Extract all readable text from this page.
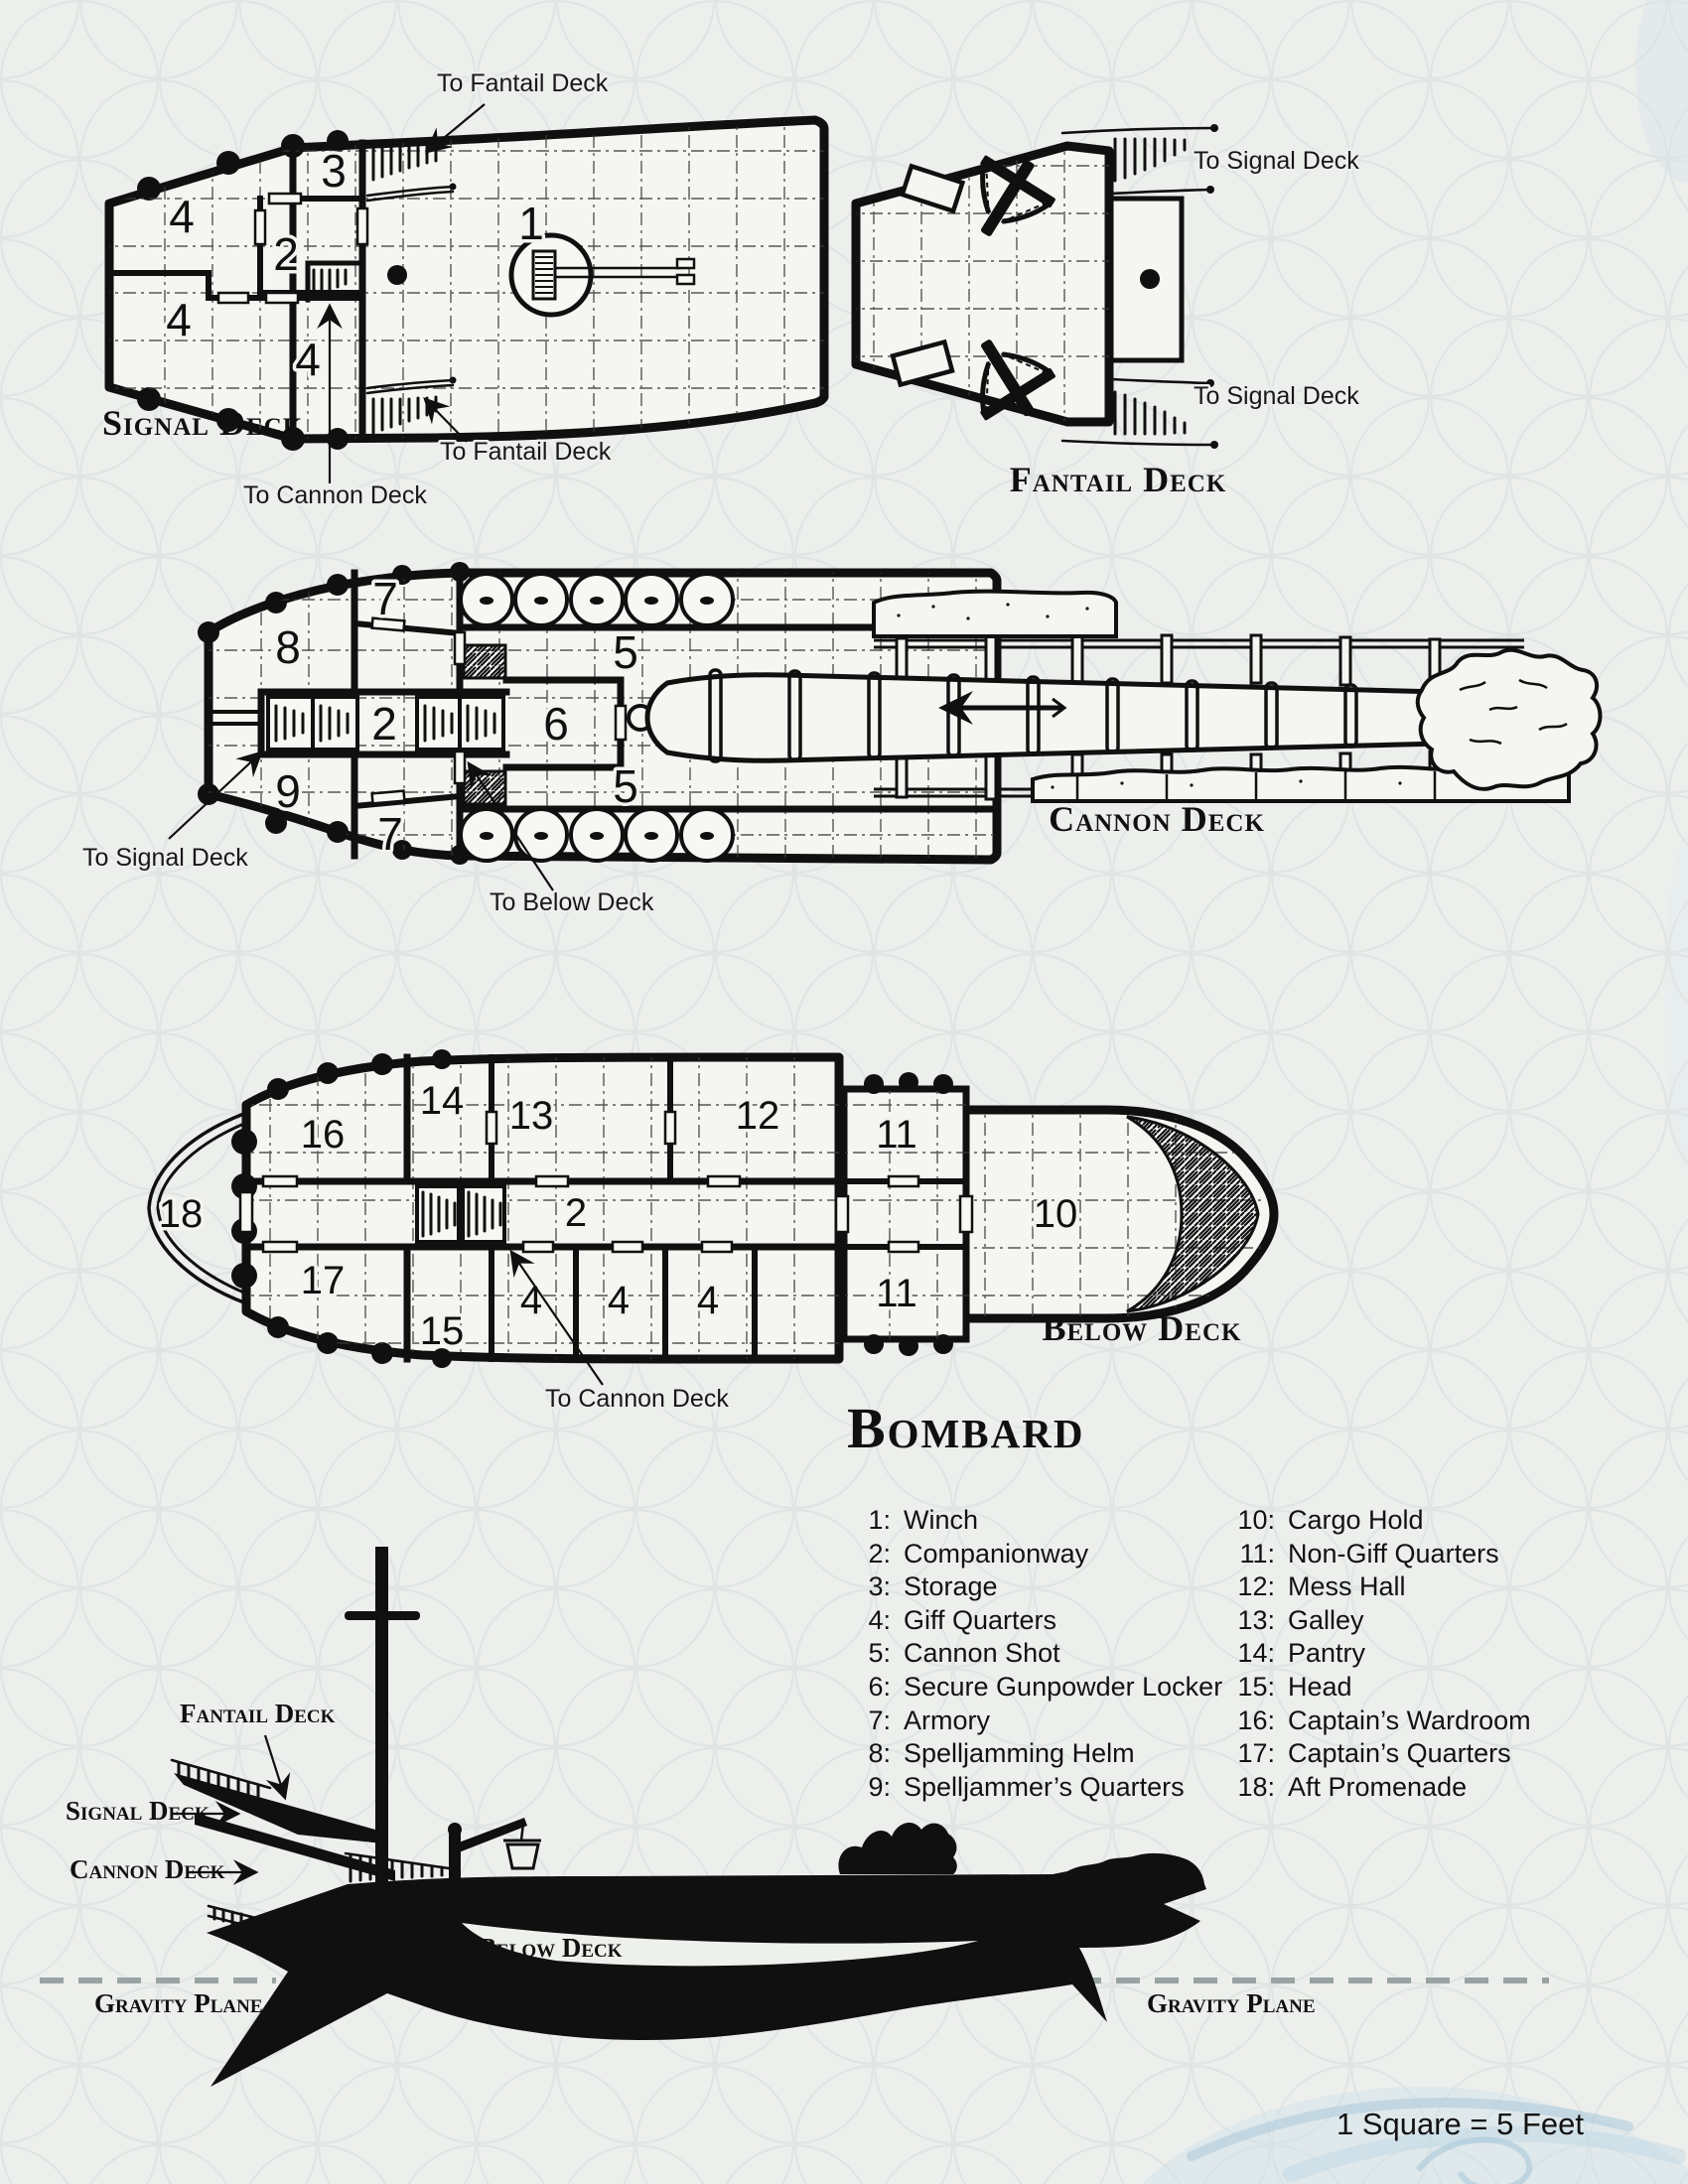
3
4
2
4
4
1
To Fantail Deck
To Fantail Deck
To Cannon Deck
Signal Deck
To Signal Deck
To Signal Deck
Fantail Deck
7
8
2
9
7
5
6
5
To Signal Deck
To Below Deck
Cannon Deck
18
16
17
14
15
13	12 11
11
4 4 4
2	10
To Cannon Deck
Below Deck
Bombard
1: Winch
2: Companionway
3: Storage
4: Giff Quarters
5: Cannon Shot
6: Secure Gunpowder Locker
7: Armory
8: Spelljamming Helm
9: Spelljammer’s Quarters
10: Cargo Hold
11: Non-Giff Quarters
12: Mess Hall
13: Galley
14: Pantry
15: Head
16: Captain’s Wardroom
17: Captain’s Quarters
18: Aft Promenade
Fantail Deck
Signal Deck
Cannon Deck
Below Deck
Gravity Plane	Gravity Plane
1 Square = 5 Feet
